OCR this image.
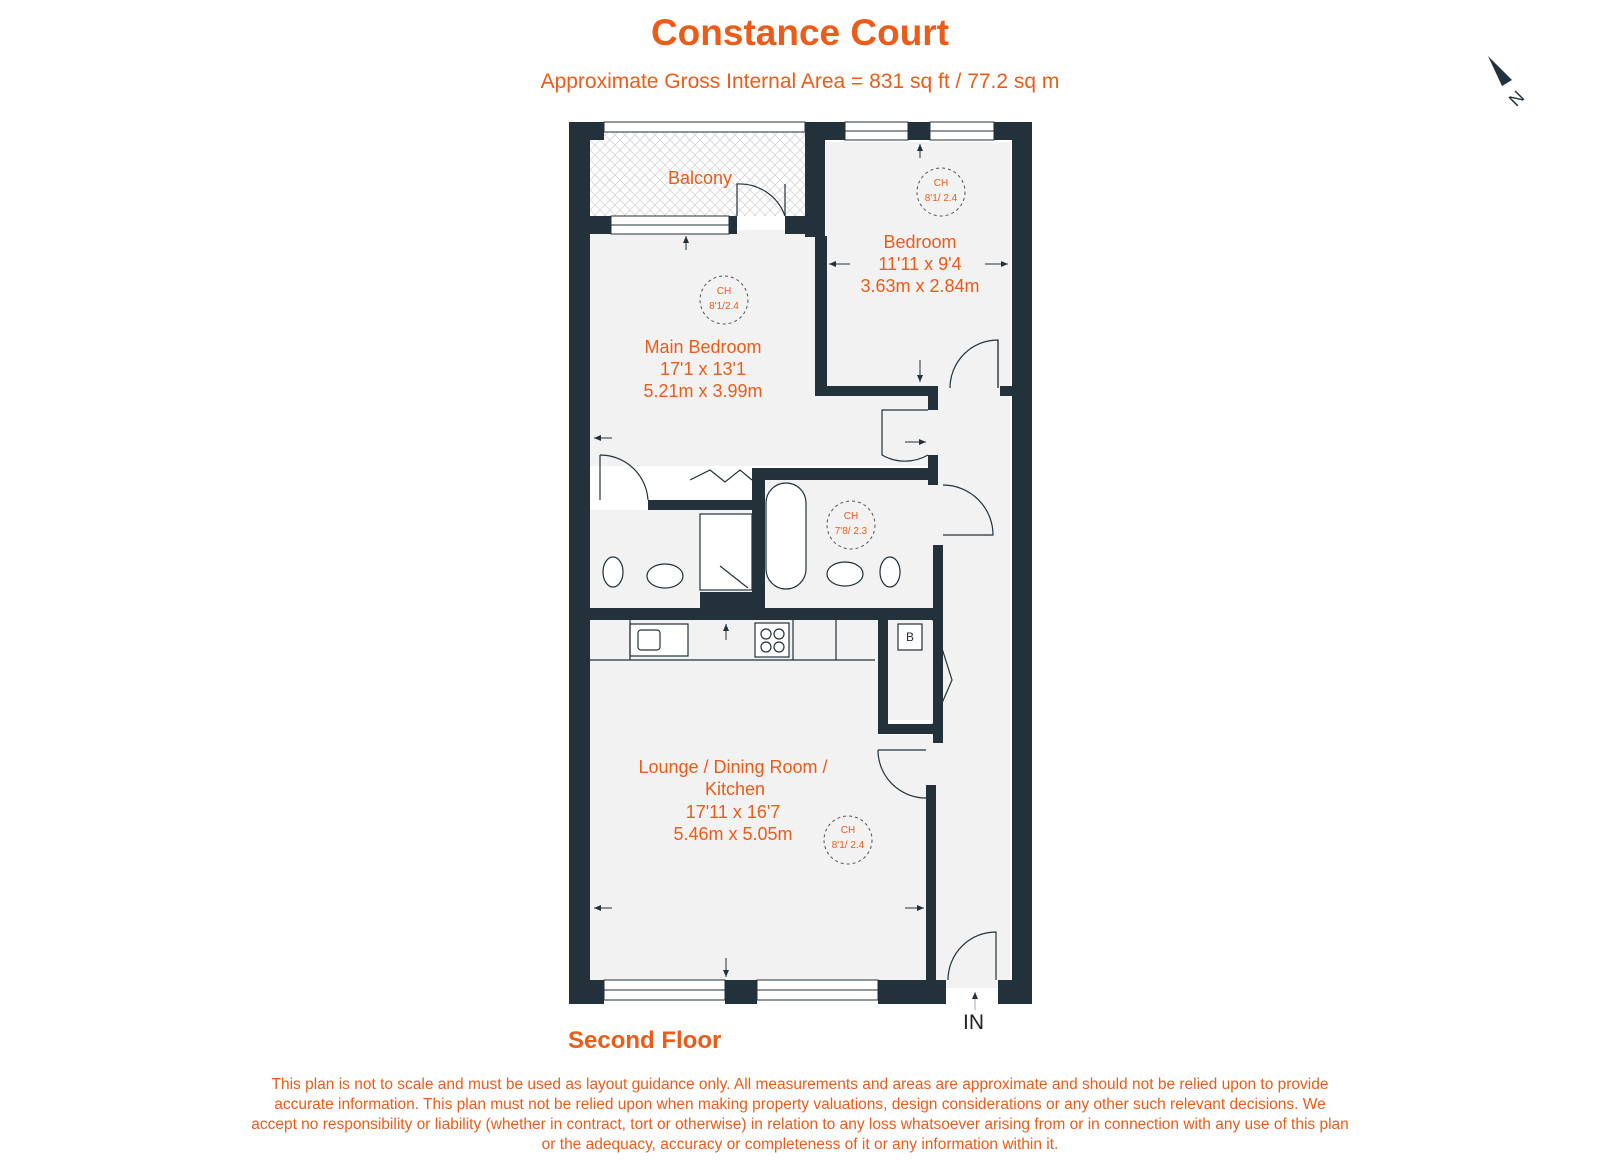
Constance Court
Approximate Gross Internal Area = 831 sq ft / 77.2 sq m
Balcony	CH
8'1/ 2.4
Bedroom
11'11 x 9'4
3.63m x 2.84m
CH
8'1/2.4
Main Bedroom
17'1 x 13'1
5.21m x 3.99m
CH
7'8/ 2.3
B
Lounge / Dining Room /
Kitchen
17'11 x 16'7
5.46m x 5.05m	CH
8'1/ 2.4
N
IN
Second Floor
This plan is not to scale and must be used as layout guidance only. All measurements and areas are approximate and should not be relied upon to provide accurate information. This plan must not be relied upon when making property valuations, design considerations or any other such relevant decisions. We accept no responsibility or liability (whether in contract, tort or otherwise) in relation to any loss whatsoever arising from or in connection with any use of this plan or the adequacy, accuracy or completeness of it or any information within it.
